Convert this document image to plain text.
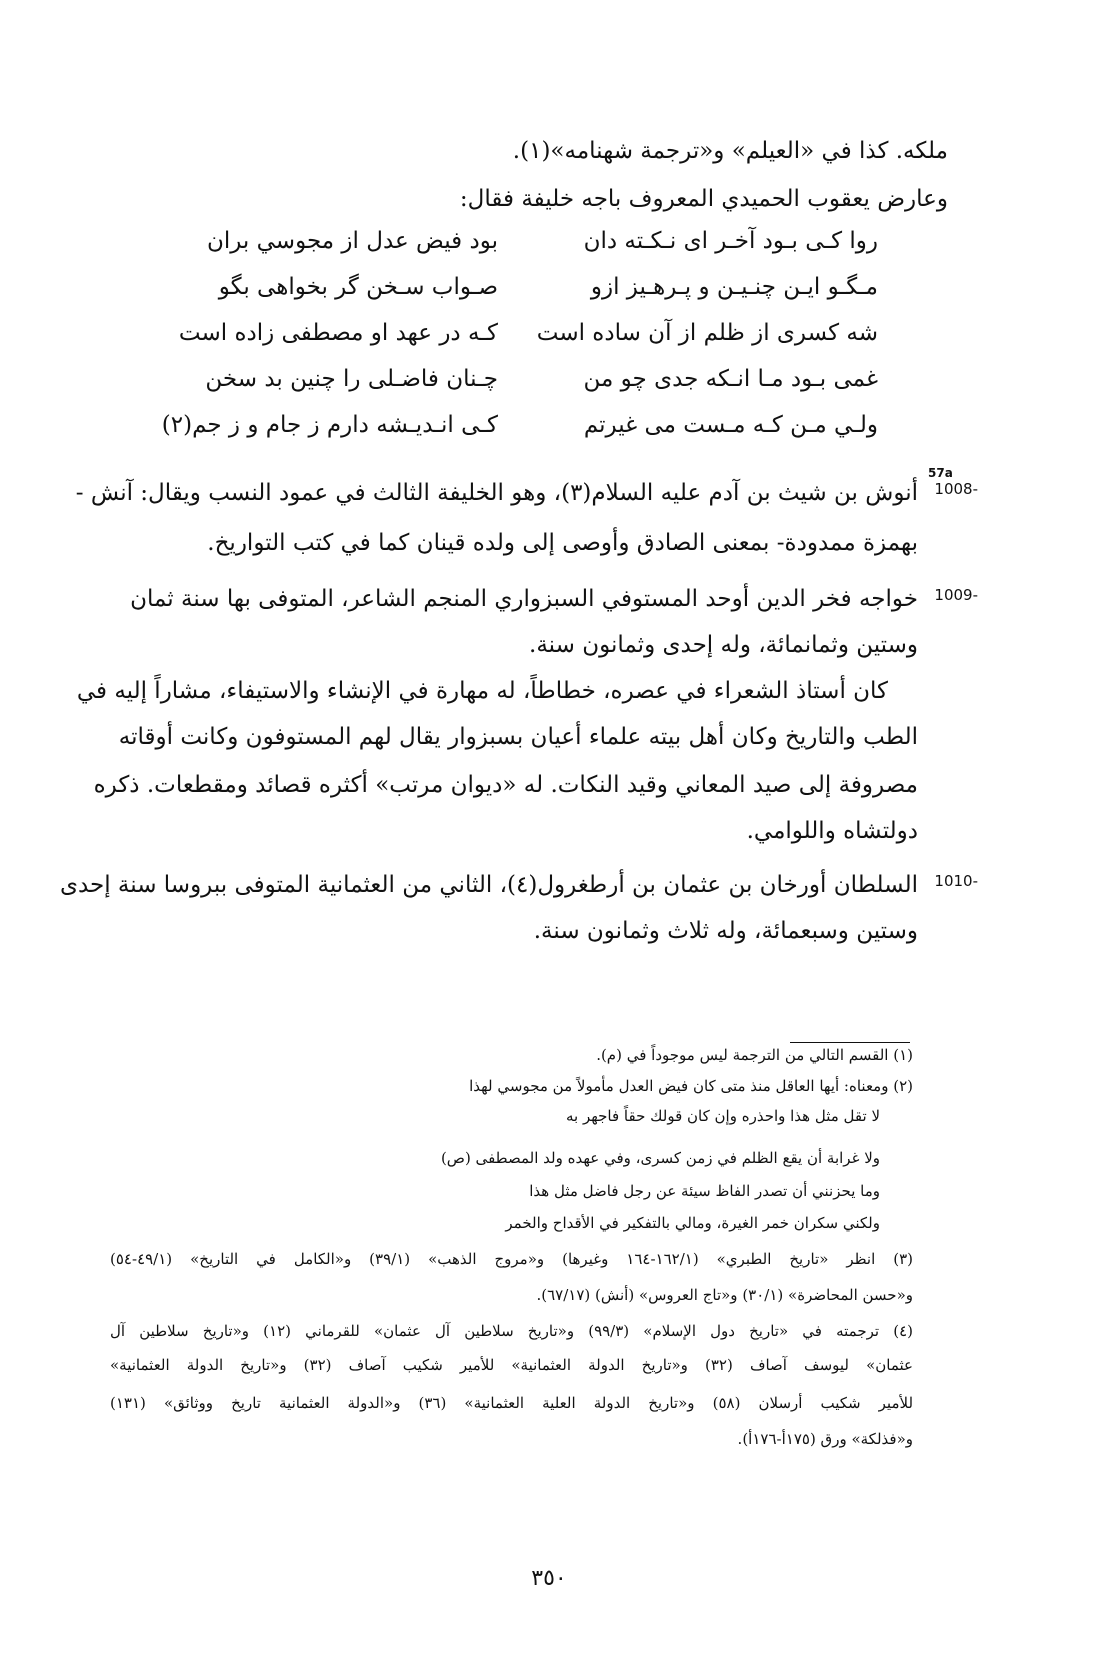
ملكه. كذا في «العيلم» و«ترجمة شهنامه»(١).
وعارض يعقوب الحميدي المعروف باجه خليفة فقال:
روا كـى بـود آخـر اى نـكـته دان
بود فيض عدل از مجوسي بران
مـگـو ايـن چنـيـن و پـرهـيز ازو
صـواب سـخن گر بخواهى بگو
شه كسرى از ظلم از آن ساده است
كـه در عهد او مصطفى زاده است
غمى بـود مـا انـكه جدى چو من
چـنان فاضـلى را چنين بد سخن
ولـي مـن كـه مـست مى غيرتم
كـى انـديـشه دارم ز جام و ز جم(٢)
57a
1008-
أنوش بن شيث بن آدم عليه السلام(٣)، وهو الخليفة الثالث في عمود النسب ويقال: آنش -
بهمزة ممدودة- بمعنى الصادق وأوصى إلى ولده قينان كما في كتب التواريخ.
1009-
خواجه فخر الدين أوحد المستوفي السبزواري المنجم الشاعر، المتوفى بها سنة ثمان
وستين وثمانمائة، وله إحدى وثمانون سنة.
كان أستاذ الشعراء في عصره، خطاطاً، له مهارة في الإنشاء والاستيفاء، مشاراً إليه في
الطب والتاريخ وكان أهل بيته علماء أعيان بسبزوار يقال لهم المستوفون وكانت أوقاته
مصروفة إلى صيد المعاني وقيد النكات. له «ديوان مرتب» أكثره قصائد ومقطعات. ذكره
دولتشاه واللوامي.
1010-
السلطان أورخان بن عثمان بن أرطغرول(٤)، الثاني من العثمانية المتوفى ببروسا سنة إحدى
وستين وسبعمائة، وله ثلاث وثمانون سنة.
(١) القسم التالي من الترجمة ليس موجوداً في (م).
(٢) ومعناه: أيها العاقل منذ متى كان فيض العدل مأمولاً من مجوسي لهذا
لا تقل مثل هذا واحذره وإن كان قولك حقاً فاجهر به
ولا غرابة أن يقع الظلم في زمن كسرى، وفي عهده ولد المصطفى (ص)
وما يحزنني أن تصدر الفاظ سيئة عن رجل فاضل مثل هذا
ولكني سكران خمر الغيرة، ومالي بالتفكير في الأقداح والخمر
(٣) انظر «تاريخ الطبري» (١٦٢/١-١٦٤ وغيرها) و«مروج الذهب» (٣٩/١) و«الكامل في التاريخ» (٤٩/١-٥٤)
و«حسن المحاضرة» (٣٠/١) و«تاج العروس» (أنش) (٦٧/١٧).
(٤) ترجمته في «تاريخ دول الإسلام» (٩٩/٣) و«تاريخ سلاطين آل عثمان» للقرماني (١٢) و«تاريخ سلاطين آل
عثمان» ليوسف آصاف (٣٢) و«تاريخ الدولة العثمانية» للأمير شكيب آصاف (٣٢) و«تاريخ الدولة العثمانية»
للأمير شكيب أرسلان (٥٨) و«تاريخ الدولة العلية العثمانية» (٣٦) و«الدولة العثمانية تاريخ ووثائق» (١٣١)
و«فذلكة» ورق (١٧٥أ-١٧٦أ).
٣٥٠
